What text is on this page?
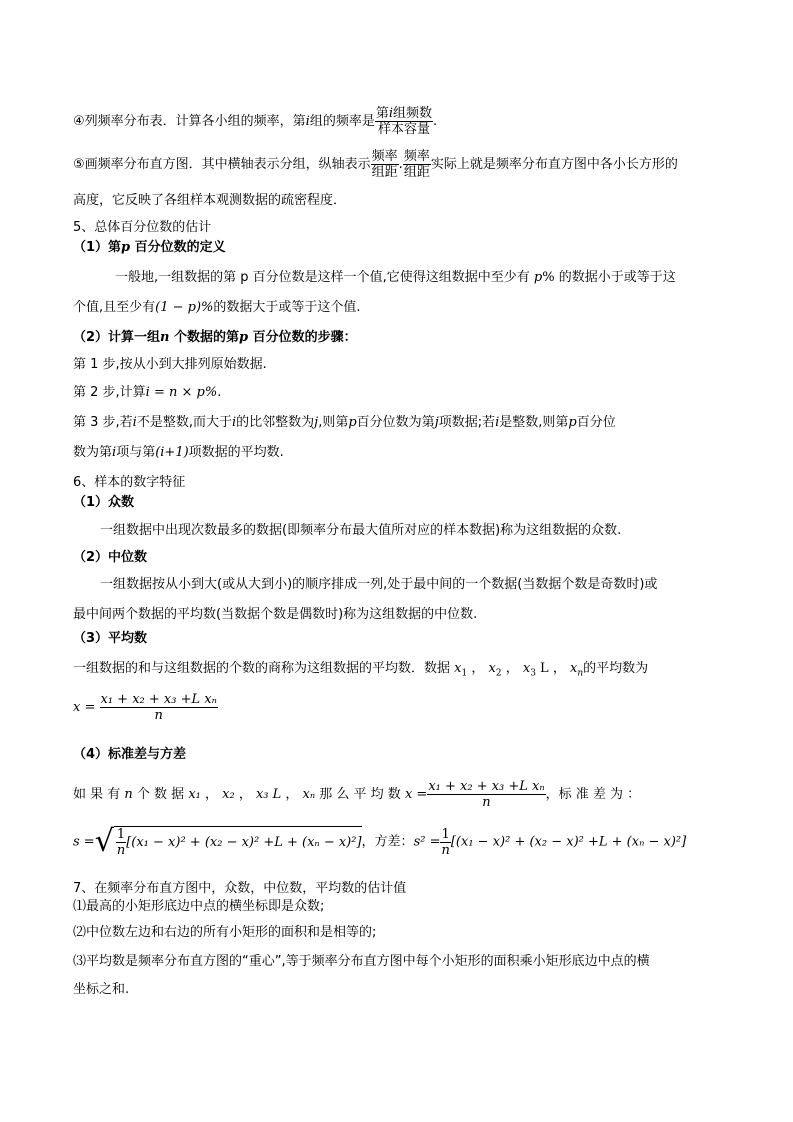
④列频率分布表．计算各小组的频率，第i组的频率是 $\frac{\text{第i组频数}}{\text{样本容量}}$ .
⑤画频率分布直方图．其中横轴表示分组，纵轴表示 $\frac{\text{频率}}{\text{组距}}$ . $\frac{\text{频率}}{\text{组距}}$ 实际上就是频率分布直方图中各小长方形的
高度，它反映了各组样本观测数据的疏密程度．
5、总体百分位数的估计
（1）第p 百分位数的定义
一般地,一组数据的第 p 百分位数是这样一个值,它使得这组数据中至少有 p% 的数据小于或等于这
个值,且至少有(1 − p)%的数据大于或等于这个值.
（2）计算一组n 个数据的第p 百分位数的步骤：
第 1 步,按从小到大排列原始数据.
第 2 步,计算i = n × p%.
第 3 步,若i不是整数,而大于i的比邻整数为j,则第p百分位数为第j项数据;若i是整数,则第p百分位
数为第i项与第(i+1)项数据的平均数.
6、样本的数字特征
（1）众数
一组数据中出现次数最多的数据(即频率分布最大值所对应的样本数据)称为这组数据的众数.
（2）中位数
一组数据按从小到大(或从大到小)的顺序排成一列,处于最中间的一个数据(当数据个数是奇数时)或
最中间两个数据的平均数(当数据个数是偶数时)称为这组数据的中位数.
（3）平均数
一组数据的和与这组数据的个数的商称为这组数据的平均数．数据 $x_1$ ， $x_2$ ， $x_3$ L ， $x_n$的平均数为
$x = \frac{\text{x₁ + x₂ + x₃ +L xₙ}}{n}$
（4）标准差与方差
如 果 有 n 个 数 据 x₁ ， x₂ ， x₃ L ， xₙ 那 么 平 均 数 $x = \frac{\text{x₁ + x₂ + x₃ +L xₙ}}{n}$ ，标 准 差 为 ：
s =√ $\frac{1}{n} [(x_1 - x)^2 + (x_2 - x)^2 +L + (x_n - x)^2]$，方差：$s^2 = \frac{1}{n} [(x_1 - x)^2 + (x_2 - x)^2 +L + (x_n - x)^2]$
7、在频率分布直方图中，众数，中位数，平均数的估计值
⑴最高的小矩形底边中点的横坐标即是众数;
⑵中位数左边和右边的所有小矩形的面积和是相等的;
⑶平均数是频率分布直方图的“重心”,等于频率分布直方图中每个小矩形的面积乘小矩形底边中点的横
坐标之和.
